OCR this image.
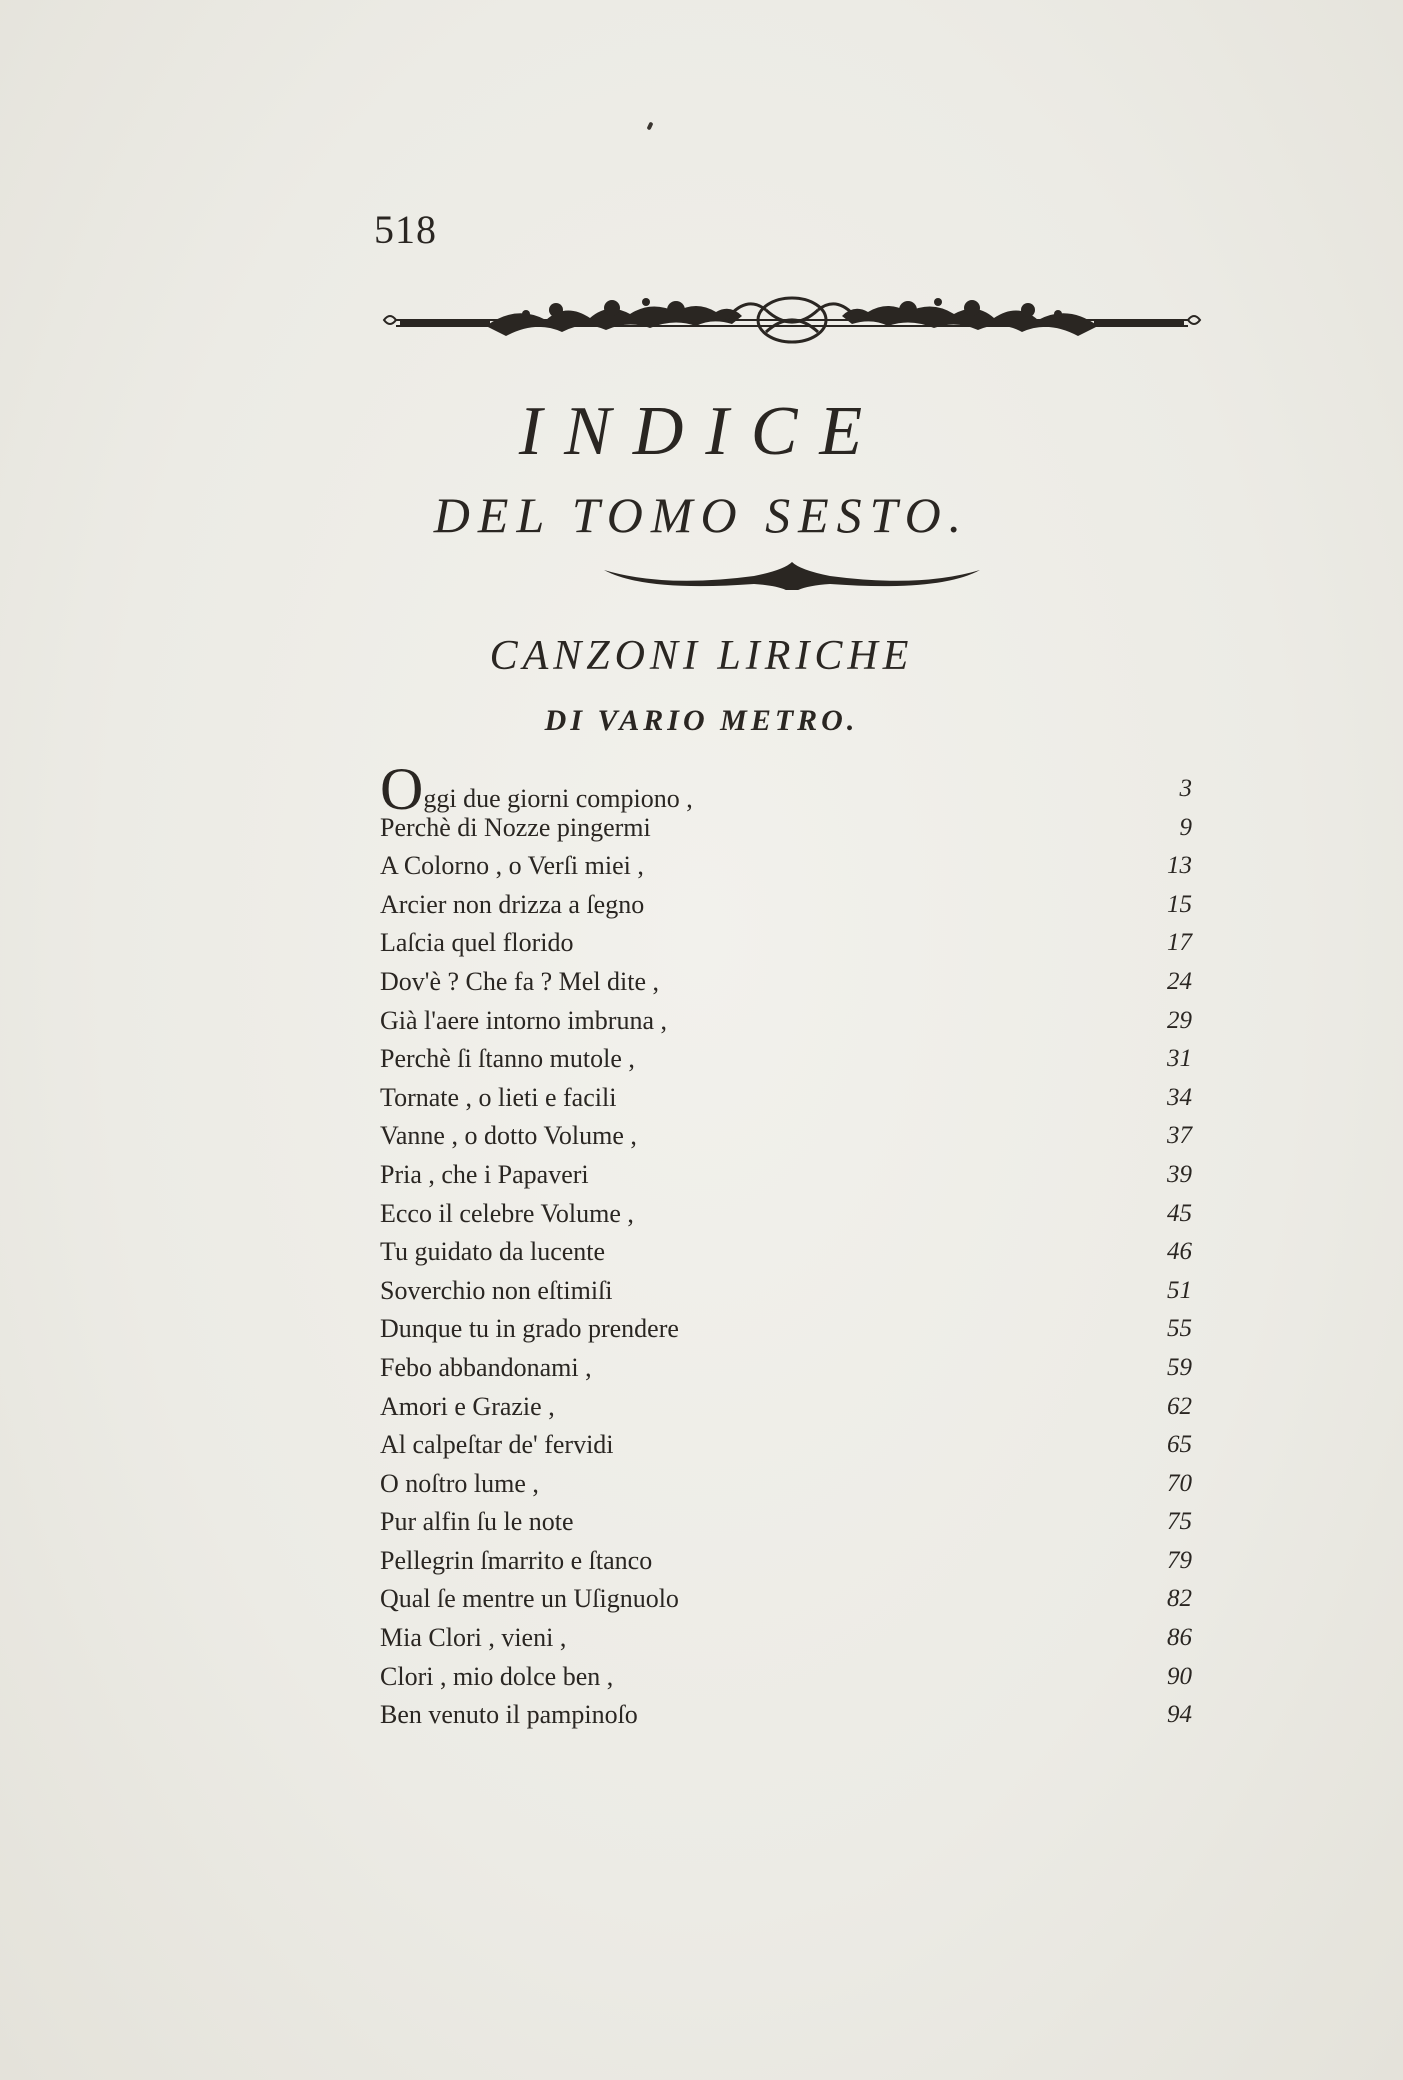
518
INDICE
DEL TOMO SESTO.
CANZONI LIRICHE
DI VARIO METRO.
Oggi due giorni compiono ,	3
Perchè di Nozze pingermi	9
A Colorno , o Verſi miei ,	13
Arcier non drizza a ſegno	15
Laſcia quel florido	17
Dov'è ? Che fa ? Mel dite ,	24
Già l'aere intorno imbruna ,	29
Perchè ſi ſtanno mutole ,	31
Tornate , o lieti e facili	34
Vanne , o dotto Volume ,	37
Pria , che i Papaveri	39
Ecco il celebre Volume ,	45
Tu guidato da lucente	46
Soverchio non eſtimiſi	51
Dunque tu in grado prendere	55
Febo abbandonami ,	59
Amori e Grazie ,	62
Al calpeſtar de' fervidi	65
O noſtro lume ,	70
Pur alfin ſu le note	75
Pellegrin ſmarrito e ſtanco	79
Qual ſe mentre un Uſignuolo	82
Mia Clori , vieni ,	86
Clori , mio dolce ben ,	90
Ben venuto il pampinoſo	94
